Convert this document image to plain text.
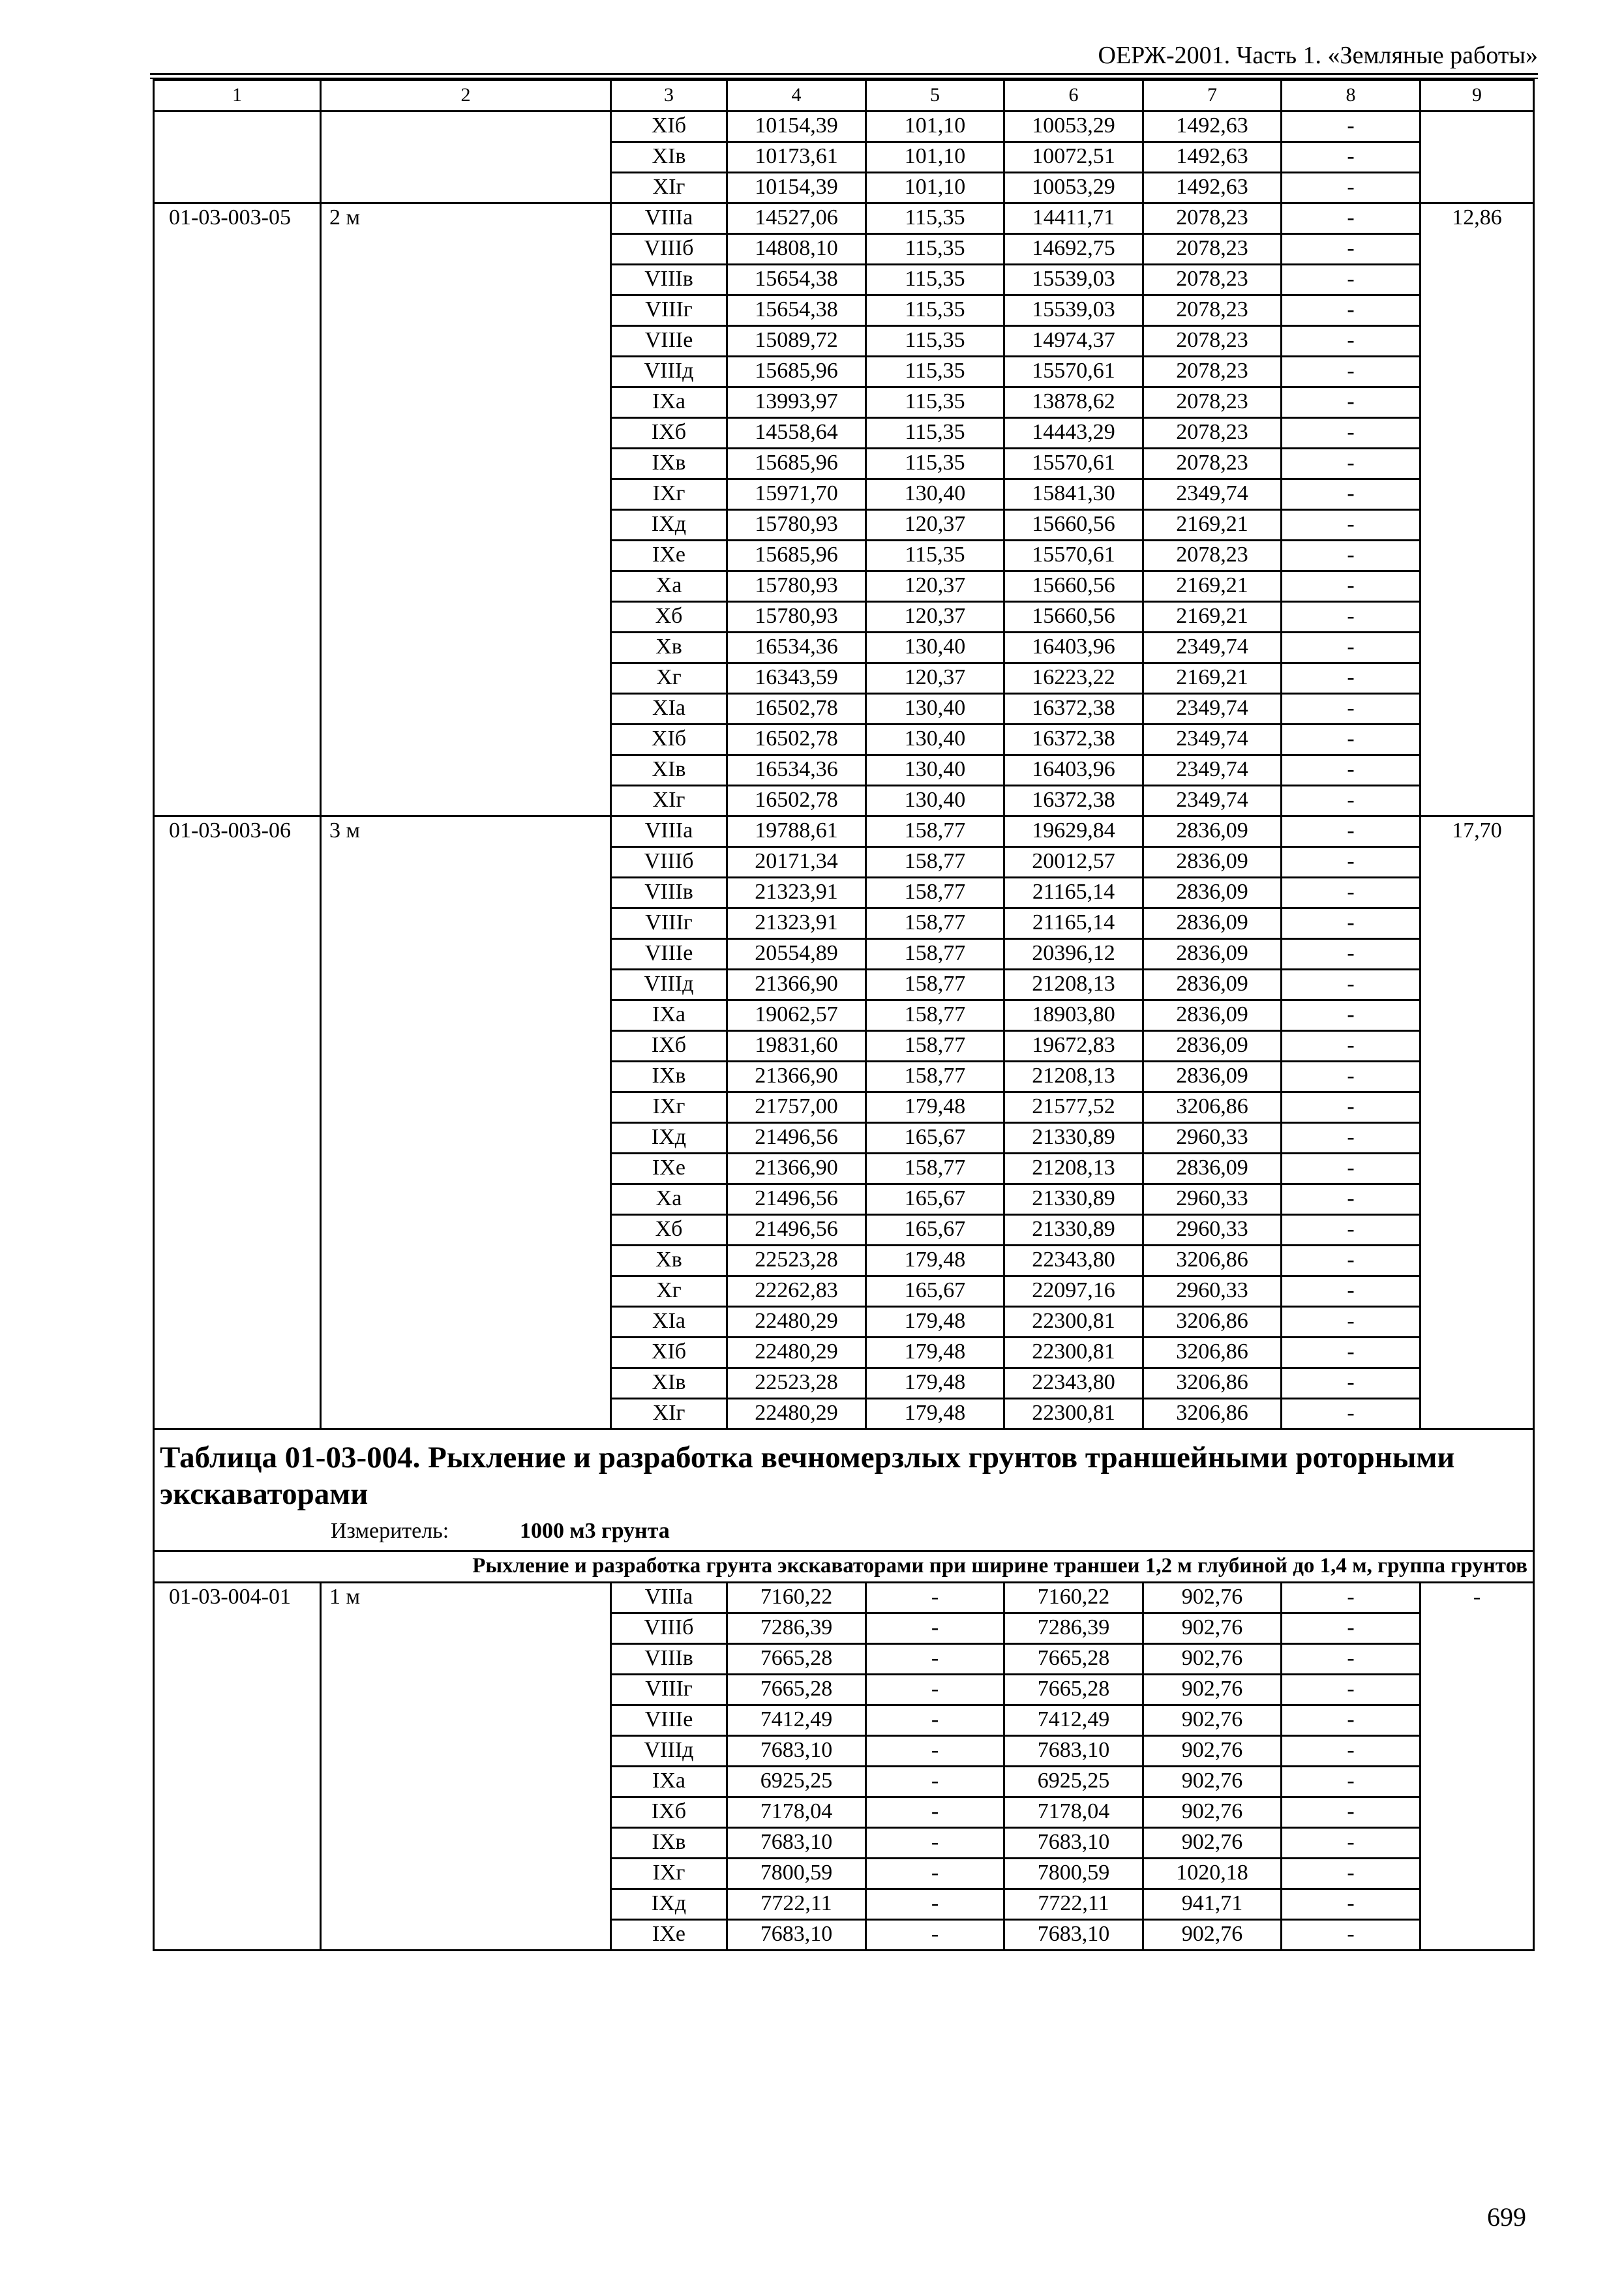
ОЕРЖ-2001. Часть 1. «Земляные работы»
1	2	3	4	5	6	7	8	9
		XIб	10154,39	101,10	10053,29	1492,63	-	
		XIв	10173,61	101,10	10072,51	1492,63	-	
		XIг	10154,39	101,10	10053,29	1492,63	-	
01-03-003-05	2 м	VIIIа	14527,06	115,35	14411,71	2078,23	-	12,86
		VIIIб	14808,10	115,35	14692,75	2078,23	-	
		VIIIв	15654,38	115,35	15539,03	2078,23	-	
		VIIIг	15654,38	115,35	15539,03	2078,23	-	
		VIIIе	15089,72	115,35	14974,37	2078,23	-	
		VIIIд	15685,96	115,35	15570,61	2078,23	-	
		IXа	13993,97	115,35	13878,62	2078,23	-	
		IXб	14558,64	115,35	14443,29	2078,23	-	
		IXв	15685,96	115,35	15570,61	2078,23	-	
		IXг	15971,70	130,40	15841,30	2349,74	-	
		IXд	15780,93	120,37	15660,56	2169,21	-	
		IXе	15685,96	115,35	15570,61	2078,23	-	
		Xа	15780,93	120,37	15660,56	2169,21	-	
		Xб	15780,93	120,37	15660,56	2169,21	-	
		Xв	16534,36	130,40	16403,96	2349,74	-	
		Xг	16343,59	120,37	16223,22	2169,21	-	
		XIа	16502,78	130,40	16372,38	2349,74	-	
		XIб	16502,78	130,40	16372,38	2349,74	-	
		XIв	16534,36	130,40	16403,96	2349,74	-	
		XIг	16502,78	130,40	16372,38	2349,74	-	
01-03-003-06	3 м	VIIIа	19788,61	158,77	19629,84	2836,09	-	17,70
		VIIIб	20171,34	158,77	20012,57	2836,09	-	
		VIIIв	21323,91	158,77	21165,14	2836,09	-	
		VIIIг	21323,91	158,77	21165,14	2836,09	-	
		VIIIе	20554,89	158,77	20396,12	2836,09	-	
		VIIIд	21366,90	158,77	21208,13	2836,09	-	
		IXа	19062,57	158,77	18903,80	2836,09	-	
		IXб	19831,60	158,77	19672,83	2836,09	-	
		IXв	21366,90	158,77	21208,13	2836,09	-	
		IXг	21757,00	179,48	21577,52	3206,86	-	
		IXд	21496,56	165,67	21330,89	2960,33	-	
		IXе	21366,90	158,77	21208,13	2836,09	-	
		Xа	21496,56	165,67	21330,89	2960,33	-	
		Xб	21496,56	165,67	21330,89	2960,33	-	
		Xв	22523,28	179,48	22343,80	3206,86	-	
		Xг	22262,83	165,67	22097,16	2960,33	-	
		XIа	22480,29	179,48	22300,81	3206,86	-	
		XIб	22480,29	179,48	22300,81	3206,86	-	
		XIв	22523,28	179,48	22343,80	3206,86	-	
		XIг	22480,29	179,48	22300,81	3206,86	-	

Таблица 01-03-004. Рыхление и разработка вечномерзлых грунтов траншейными роторными экскаваторами
Измеритель: 1000 м3 грунта								

Рыхление и разработка грунта экскаваторами при ширине траншеи 1,2 м глубиной до 1,4 м, группа грунтов								
01-03-004-01	1 м	VIIIа	7160,22	-	7160,22	902,76	-	-
		VIIIб	7286,39	-	7286,39	902,76	-	
		VIIIв	7665,28	-	7665,28	902,76	-	
		VIIIг	7665,28	-	7665,28	902,76	-	
		VIIIе	7412,49	-	7412,49	902,76	-	
		VIIIд	7683,10	-	7683,10	902,76	-	
		IXа	6925,25	-	6925,25	902,76	-	
		IXб	7178,04	-	7178,04	902,76	-	
		IXв	7683,10	-	7683,10	902,76	-	
		IXг	7800,59	-	7800,59	1020,18	-	
		IXд	7722,11	-	7722,11	941,71	-	
		IXе	7683,10	-	7683,10	902,76	-	
699
